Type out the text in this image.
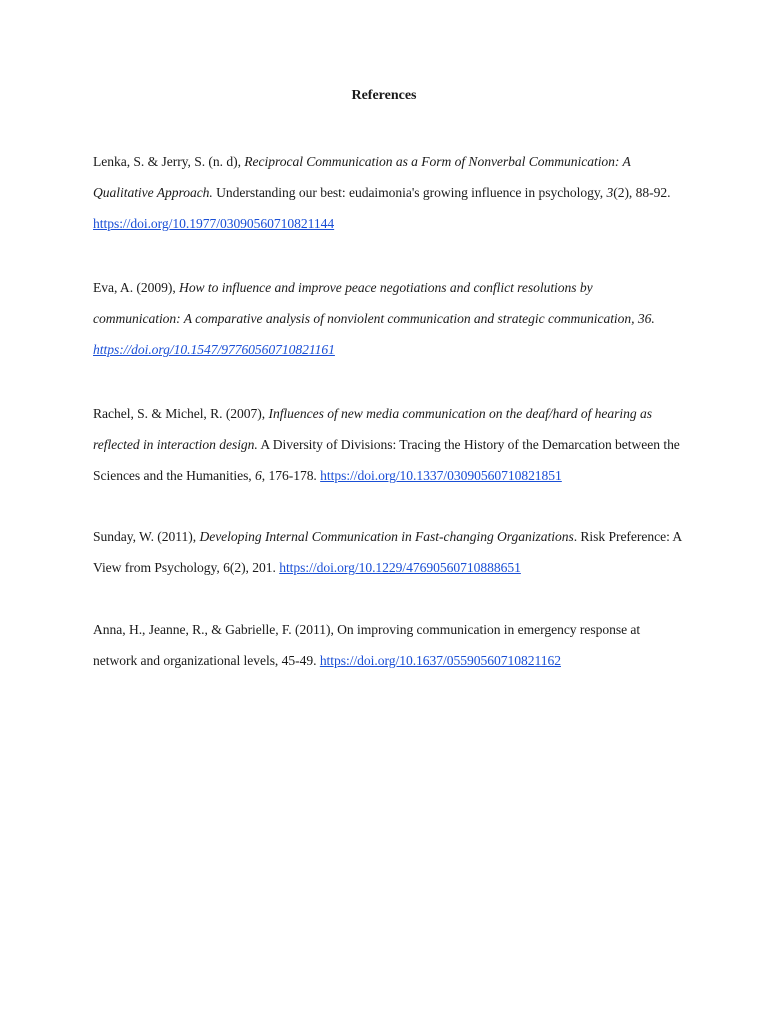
References
Lenka, S. & Jerry, S. (n. d), Reciprocal Communication as a Form of Nonverbal Communication: A Qualitative Approach. Understanding our best: eudaimonia's growing influence in psychology, 3(2), 88-92. https://doi.org/10.1977/03090560710821144
Eva, A. (2009), How to influence and improve peace negotiations and conflict resolutions by communication: A comparative analysis of nonviolent communication and strategic communication, 36. https://doi.org/10.1547/97760560710821161
Rachel, S. & Michel, R. (2007), Influences of new media communication on the deaf/hard of hearing as reflected in interaction design. A Diversity of Divisions: Tracing the History of the Demarcation between the Sciences and the Humanities, 6, 176-178. https://doi.org/10.1337/03090560710821851
Sunday, W. (2011), Developing Internal Communication in Fast-changing Organizations. Risk Preference: A View from Psychology, 6(2), 201. https://doi.org/10.1229/47690560710888651
Anna, H., Jeanne, R., & Gabrielle, F. (2011), On improving communication in emergency response at network and organizational levels, 45-49. https://doi.org/10.1637/05590560710821162
